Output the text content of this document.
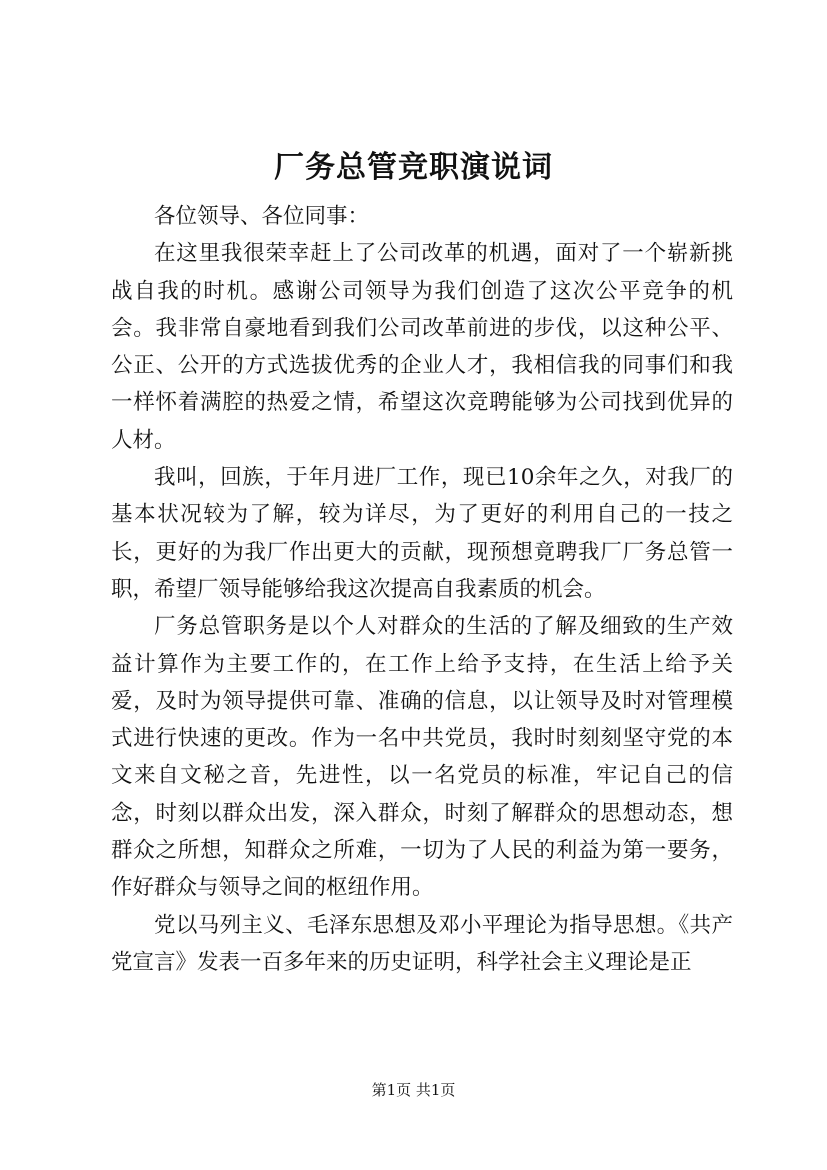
厂务总管竞职演说词

各位领导、各位同事：

在这里我很荣幸赶上了公司改革的机遇，面对了一个崭新挑战自我的时机。感谢公司领导为我们创造了这次公平竞争的机会。我非常自豪地看到我们公司改革前进的步伐，以这种公平、公正、公开的方式选拔优秀的企业人才，我相信我的同事们和我一样怀着满腔的热爱之情，希望这次竞聘能够为公司找到优异的人材。

我叫，回族，于年月进厂工作，现已10余年之久，对我厂的基本状况较为了解，较为详尽，为了更好的利用自己的一技之长，更好的为我厂作出更大的贡献，现预想竟聘我厂厂务总管一职，希望厂领导能够给我这次提高自我素质的机会。

厂务总管职务是以个人对群众的生活的了解及细致的生产效益计算作为主要工作的，在工作上给予支持，在生活上给予关爱，及时为领导提供可靠、准确的信息，以让领导及时对管理模式进行快速的更改。作为一名中共党员，我时时刻刻坚守党的本文来自文秘之音，先进性，以一名党员的标准，牢记自己的信念，时刻以群众出发，深入群众，时刻了解群众的思想动态，想群众之所想，知群众之所难，一切为了人民的利益为第一要务，作好群众与领导之间的枢纽作用。

党以马列主义、毛泽东思想及邓小平理论为指导思想。《共产党宣言》发表一百多年来的历史证明，科学社会主义理论是正

第1页 共1页
